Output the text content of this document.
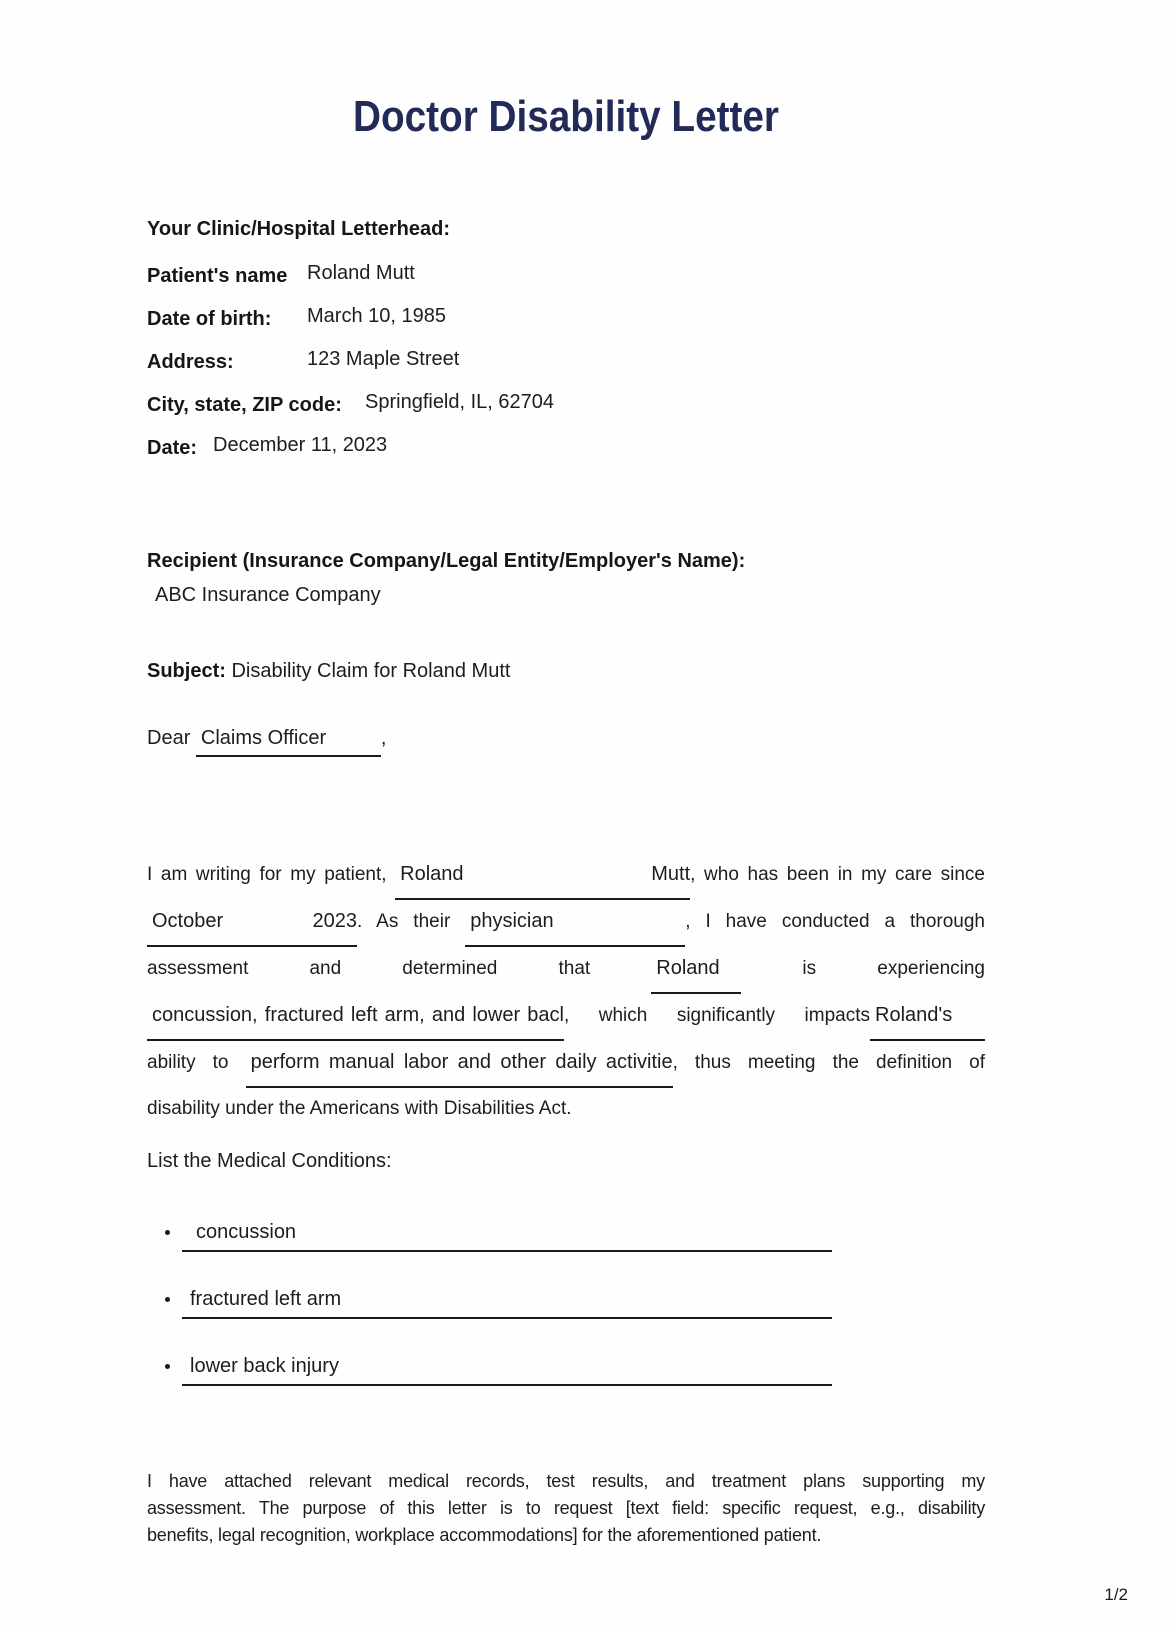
Doctor Disability Letter
Your Clinic/Hospital Letterhead:
Patient's name Roland Mutt
Date of birth: March 10, 1985
Address:	123 Maple Street
City, state, ZIP code: Springfield, IL, 62704
Date: December 11, 2023
Recipient (Insurance Company/Legal Entity/Employer's Name):
ABC Insurance Company
Subject: Disability Claim for Roland Mutt
Dear Claims Officer	,
I am writing for my patient, Roland Mutt, who has been in my care since
October 2023. As their physician	, I have conducted a thorough
assessment and determined that	Roland	is experiencing
concussion, fractured left arm, and lower bacl, which significantly impacts Roland's
ability to perform manual labor and other daily activitie, thus meeting the definition of
disability under the Americans with Disabilities Act.
List the Medical Conditions:
concussion
fractured left arm
lower back injury
I have attached relevant medical records, test results, and treatment plans supporting my
assessment. The purpose of this letter is to request [text field: specific request, e.g., disability
benefits, legal recognition, workplace accommodations] for the aforementioned patient.
1/2
